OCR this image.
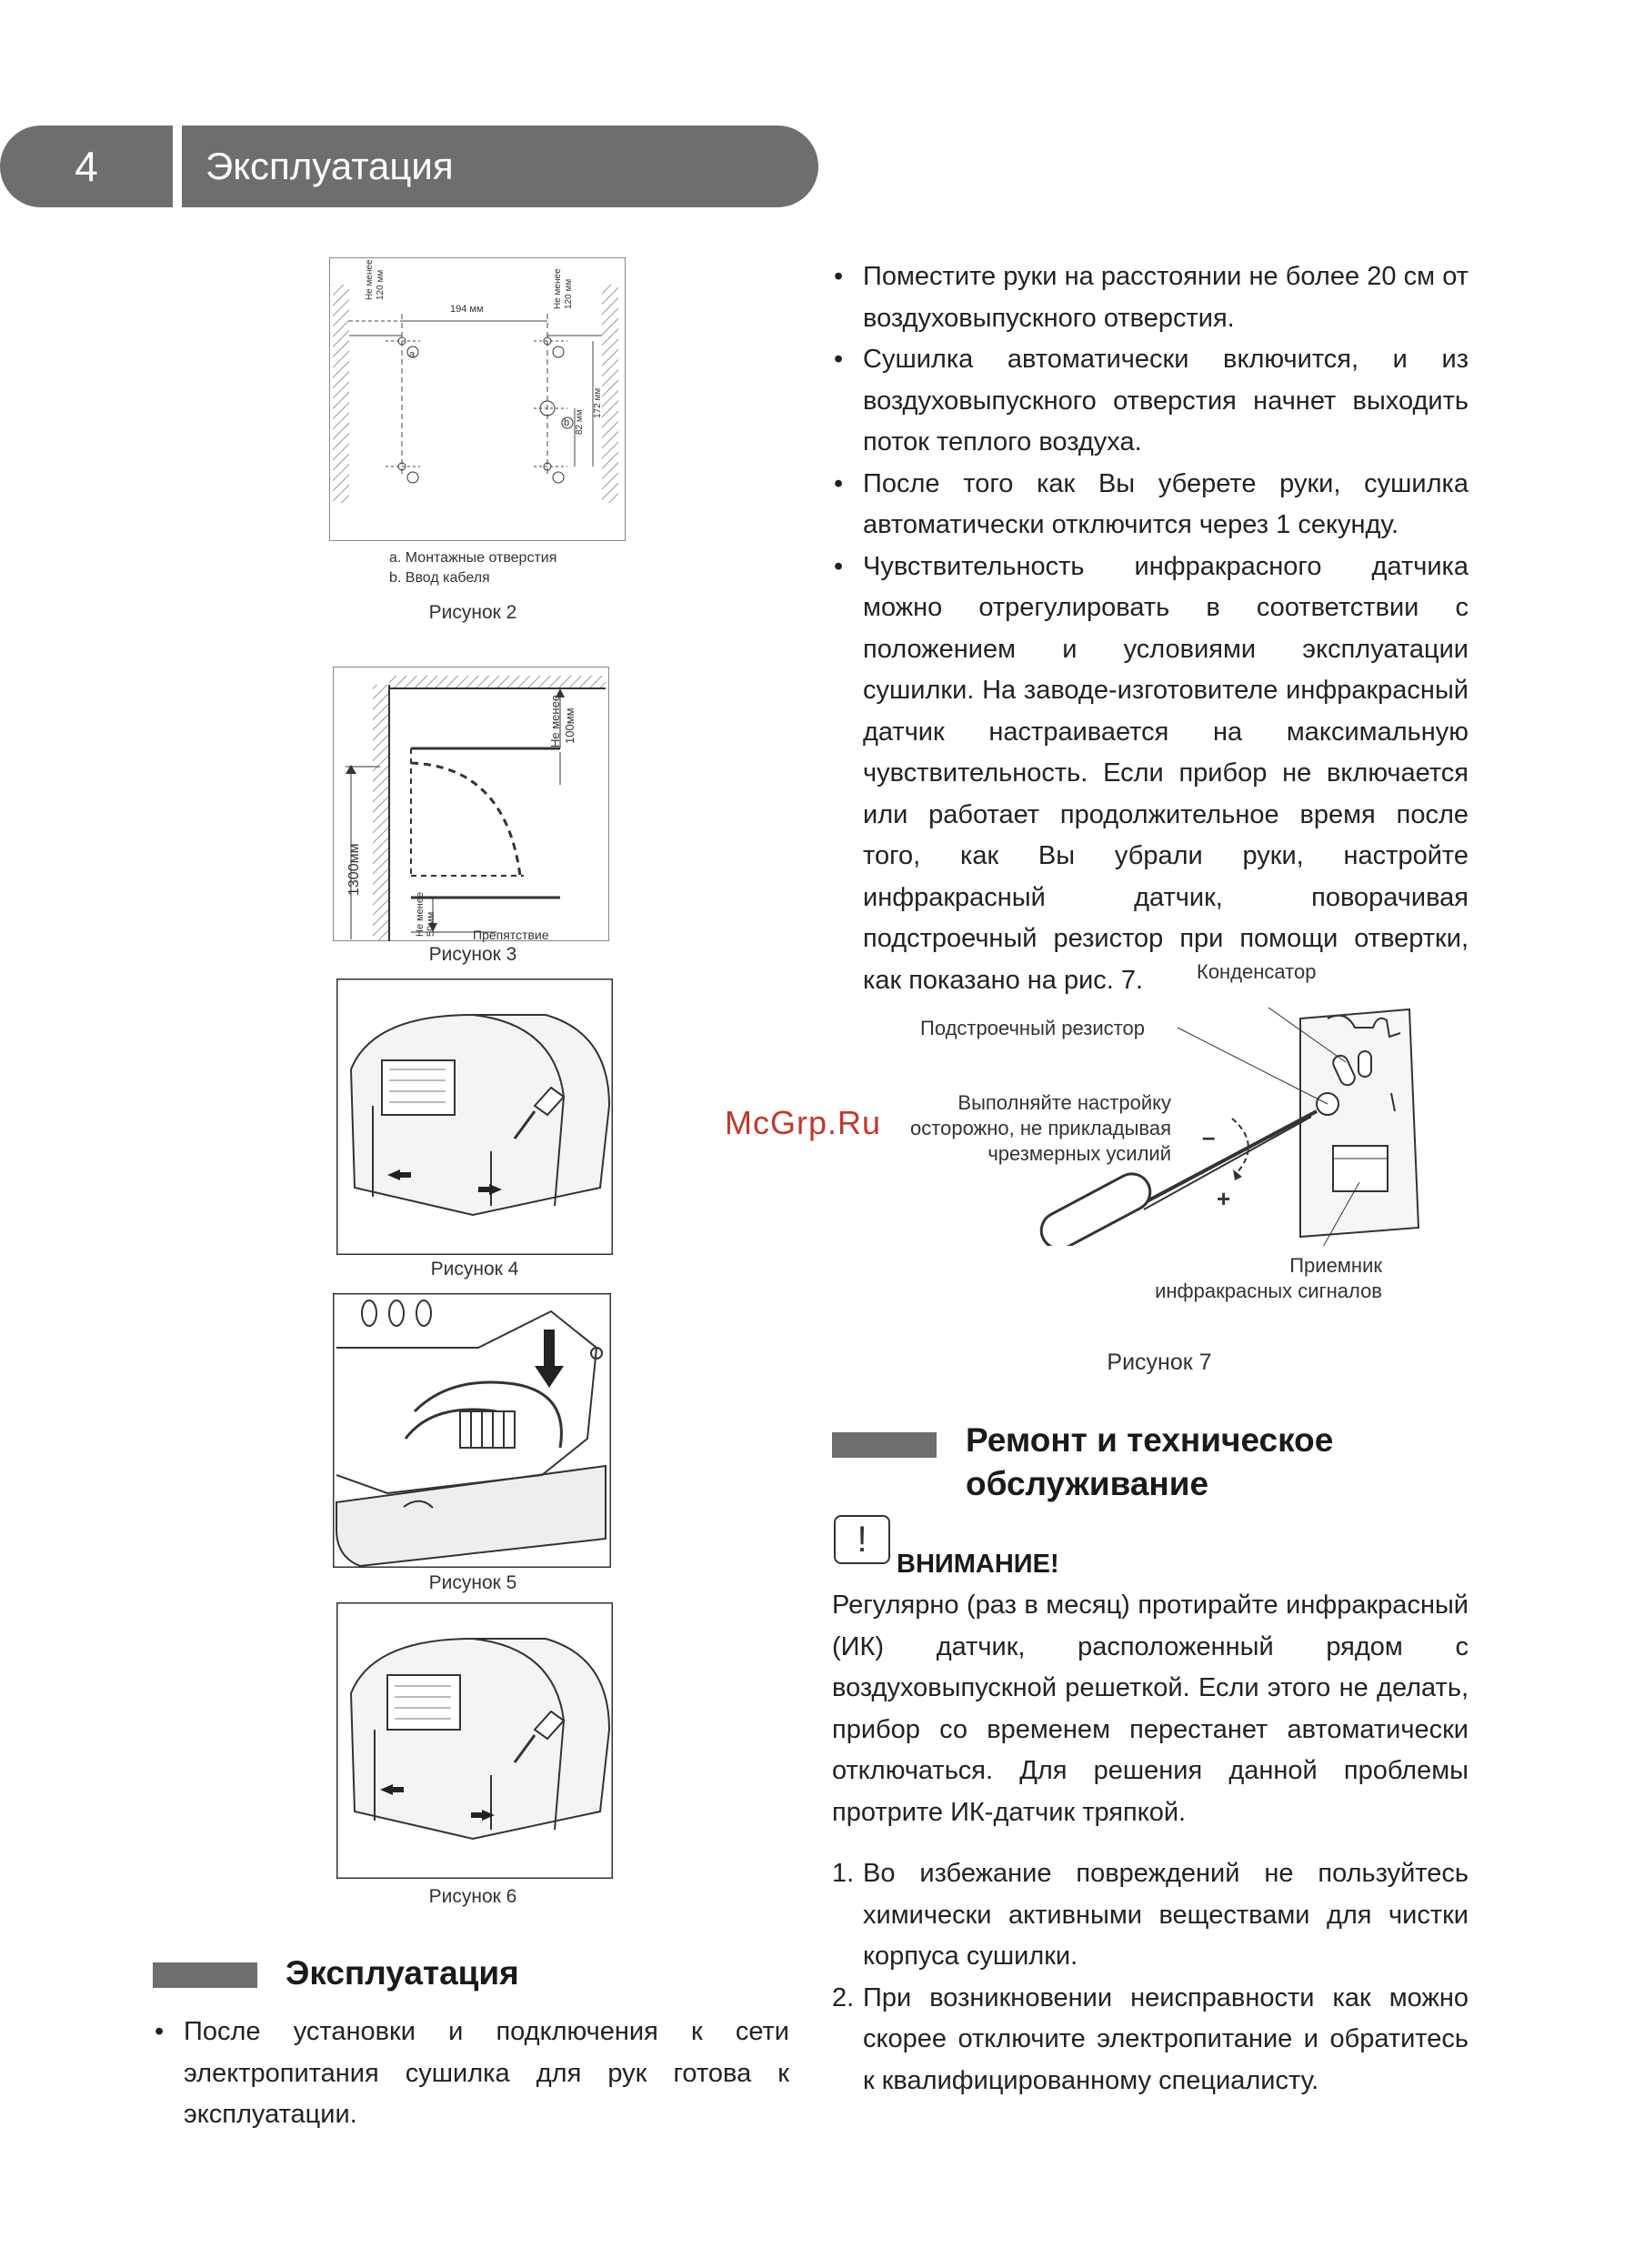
4	Эксплуатация
194 мм
Не менее 120 мм	Не менее 120 мм
82 мм
172 мм
a
b
a. Монтажные отверстия
b. Ввод кабеля
Рисунок 2
Не менее 100мм
1300мм
Не менее 50мм	Препятствие
Рисунок 3
Рисунок 4
Рисунок 5
Рисунок 6
Эксплуатация
• После установки и подключения к сети электропитания сушилка для рук готова к эксплуатации.
• Поместите руки на расстоянии не более 20 см от воздуховыпускного отверстия.
• Сушилка автоматически включится, и из воздуховыпускного отверстия начнет выходить поток теплого воздуха.
• После того как Вы уберете руки, сушилка автоматически отключится через 1 секунду.
• Чувствительность инфракрасного датчика можно отрегулировать в соответствии с положением и условиями эксплуатации сушилки. На заводе-изготовителе инфракрасный датчик настраивается на максимальную чувствительность. Если прибор не включается или работает продолжительное время после того, как Вы убрали руки, настройте инфракрасный датчик, поворачивая подстроечный резистор при помощи отвертки, как показано на рис. 7.	Конденсатор
Подстроечный резистор
Выполняйте настройку
осторожно, не прикладывая
чрезмерных усилий
–
+
Приемник
инфракрасных сигналов
Рисунок 7
McGrp.Ru
Ремонт и техническое
обслуживание
!
ВНИМАНИЕ!
Регулярно (раз в месяц) протирайте инфракрасный (ИК) датчик, расположенный рядом с воздуховыпускной решеткой. Если этого не делать, прибор со временем перестанет автоматически отключаться. Для решения данной проблемы протрите ИК-датчик тряпкой.
1. Во избежание повреждений не пользуйтесь химически активными веществами для чистки корпуса сушилки.
2. При возникновении неисправности как можно скорее отключите электропитание и обратитесь к квалифицированному специалисту.
